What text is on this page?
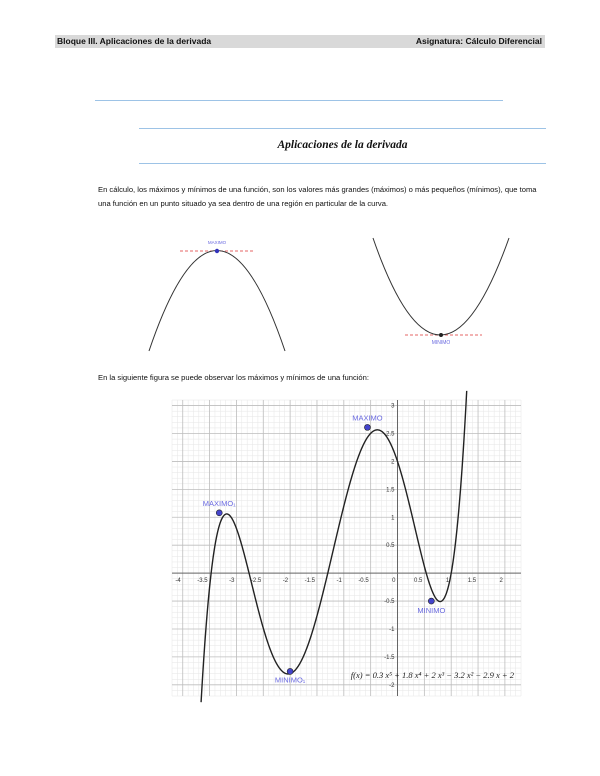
Bloque III. Aplicaciones de la derivada	Asignatura: Cálculo Diferencial
Aplicaciones de la derivada

En cálculo, los máximos y mínimos de una función, son los valores más grandes (máximos) o más pequeños (mínimos), que toma una función en un punto situado ya sea dentro de una región en particular de la curva.

MAXIMO
MINIMO

En la siguiente figura se puede observar los máximos y mínimos de una función:

-4	-3.5	-3	-2.5	-2	-1.5	-1	-0.5	0	0.5	1	1.5	2
3
2.5
2
1.5
1
0.5
-0.5
-1
-1.5
-2
MAXIMO₁
MINIMO₁
MAXIMO
MINIMO
f(x) = 0.3 x⁵ + 1.8 x⁴ + 2 x³ − 3.2 x² − 2.9 x + 2
